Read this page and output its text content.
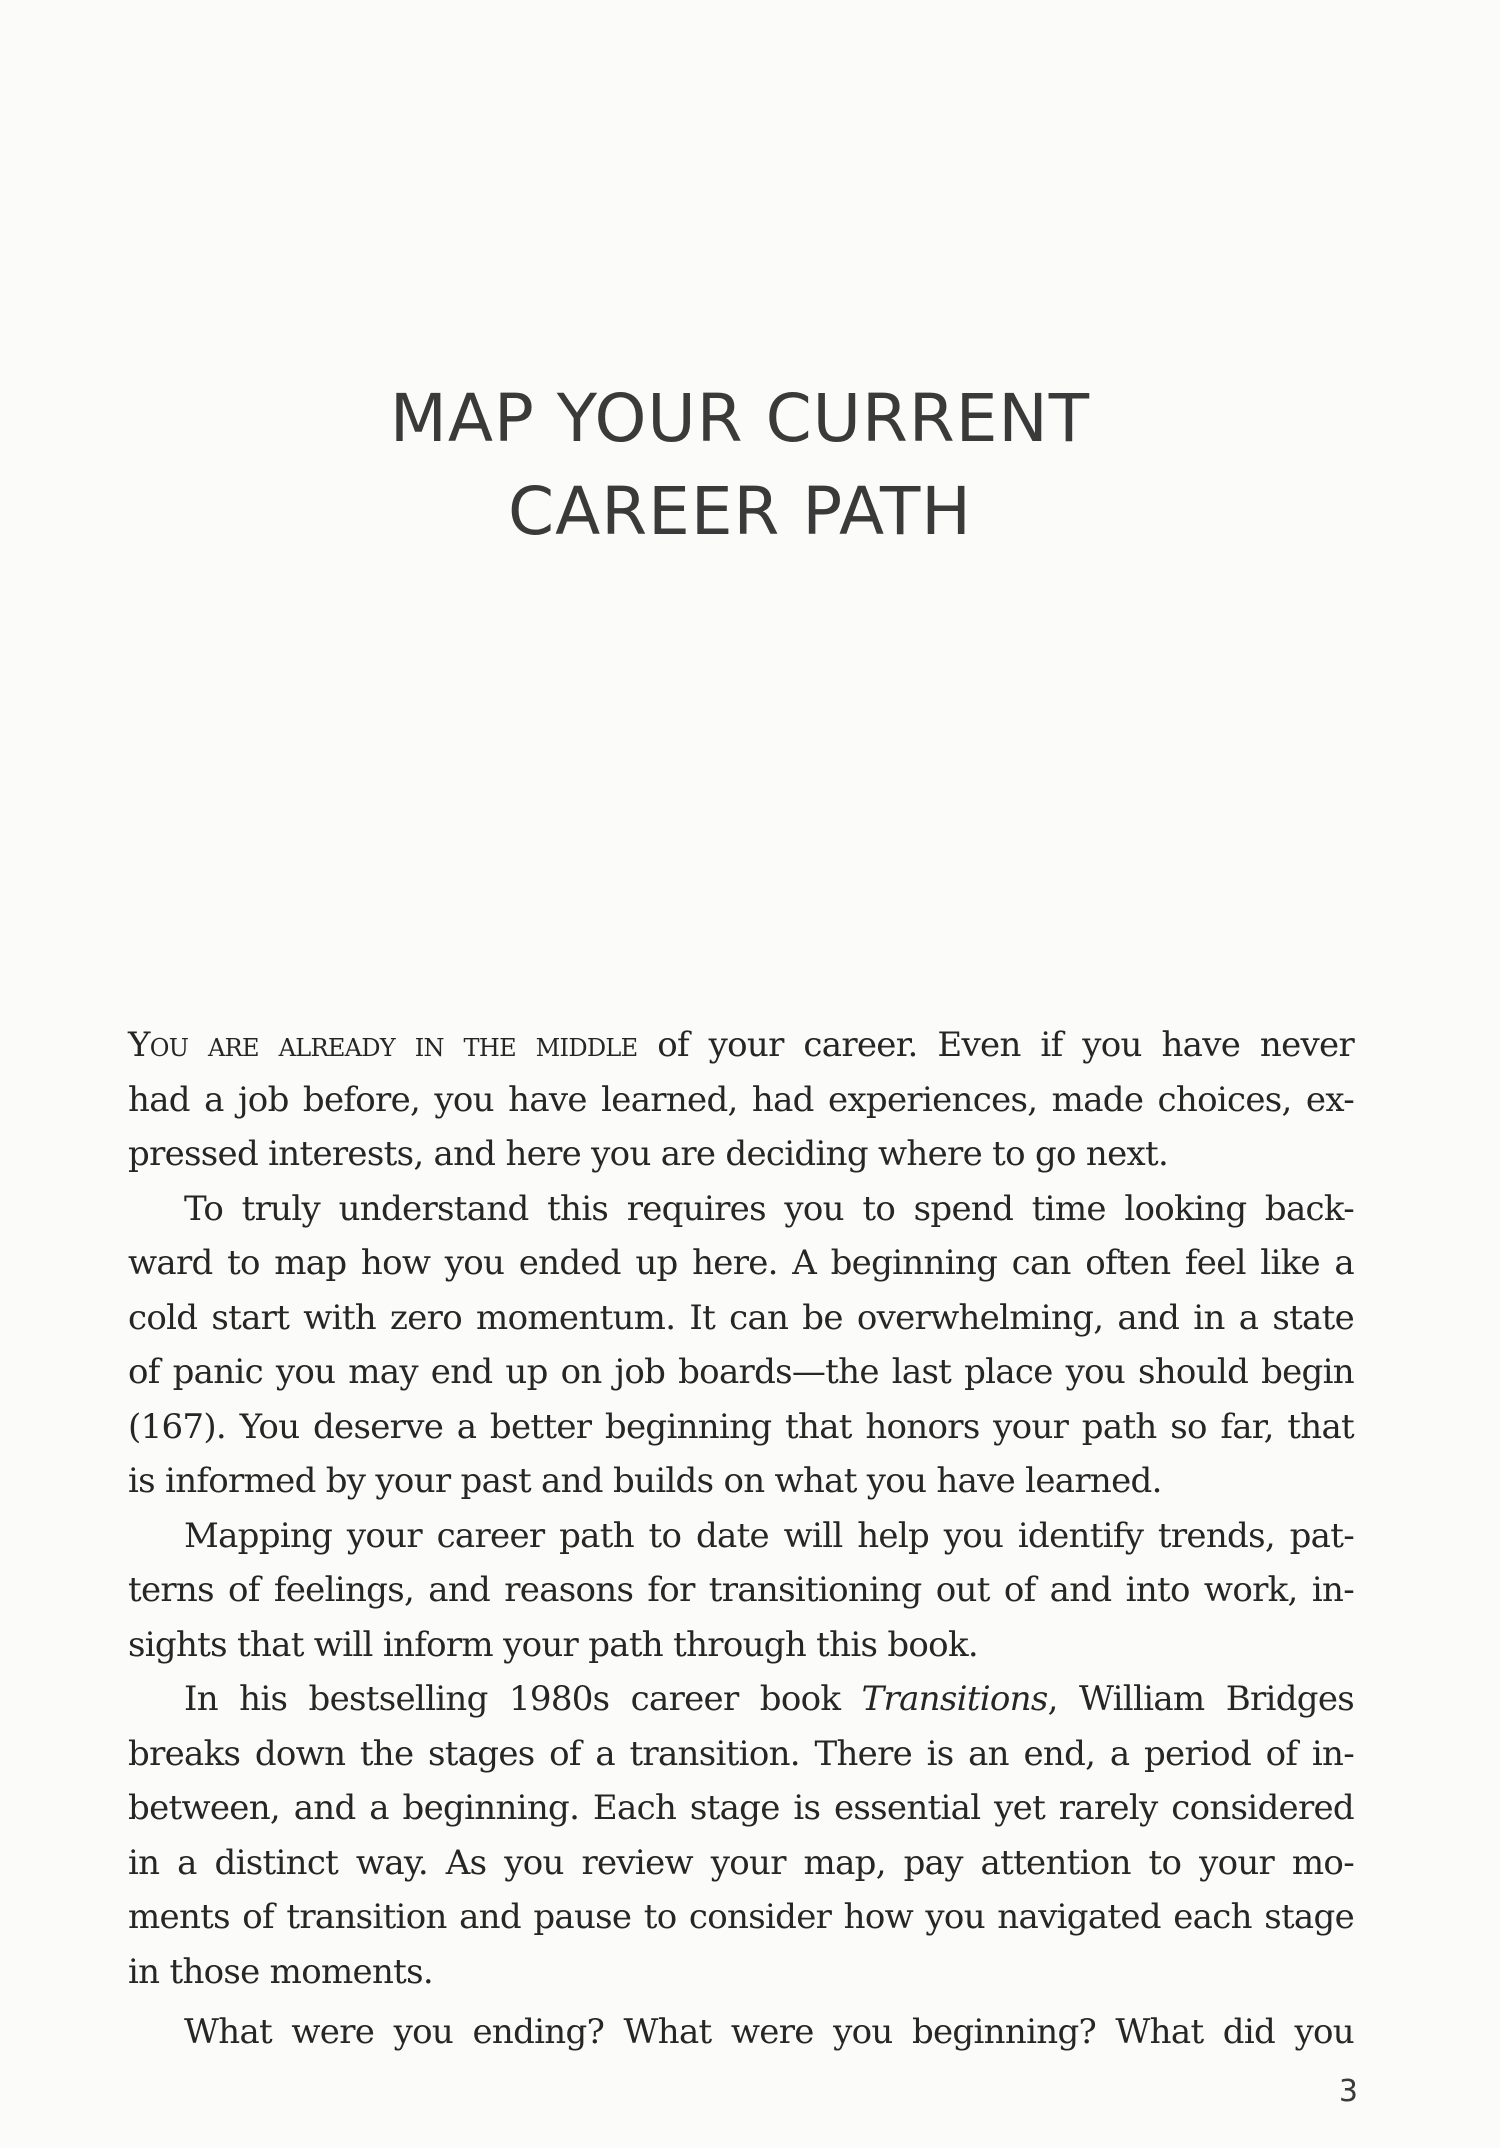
MAP YOUR CURRENT
CAREER PATH
You are already in the middle of your career. Even if you have never
had a job before, you have learned, had experiences, made choices, ex-
pressed interests, and here you are deciding where to go next.
To truly understand this requires you to spend time looking back-
ward to map how you ended up here. A beginning can often feel like a
cold start with zero momentum. It can be overwhelming, and in a state
of panic you may end up on job boards—the last place you should begin
(167). You deserve a better beginning that honors your path so far, that
is informed by your past and builds on what you have learned.
Mapping your career path to date will help you identify trends, pat-
terns of feelings, and reasons for transitioning out of and into work, in-
sights that will inform your path through this book.
In his bestselling 1980s career book Transitions, William Bridges
breaks down the stages of a transition. There is an end, a period of in-
between, and a beginning. Each stage is essential yet rarely considered
in a distinct way. As you review your map, pay attention to your mo-
ments of transition and pause to consider how you navigated each stage
in those moments.
What were you ending? What were you beginning? What did you
3
